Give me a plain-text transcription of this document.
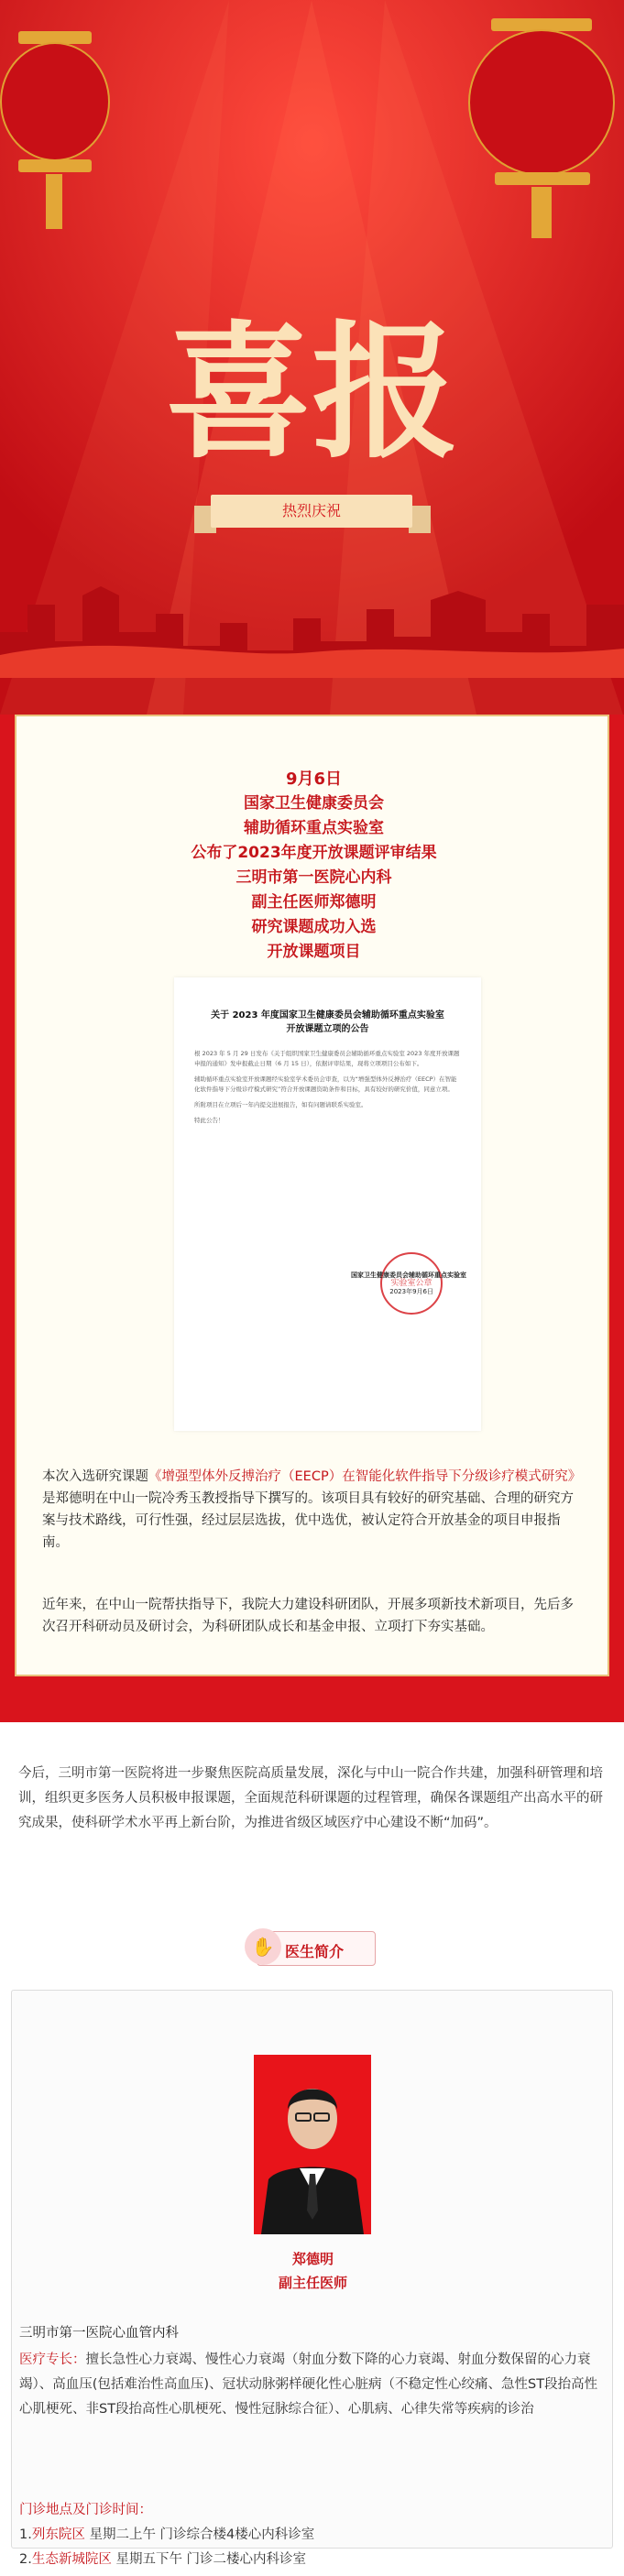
喜报
热烈庆祝
9月6日
国家卫生健康委员会
辅助循环重点实验室
公布了2023年度开放课题评审结果
三明市第一医院心内科
副主任医师郑德明
研究课题成功入选
开放课题项目
关于 2023 年度国家卫生健康委员会辅助循环重点实验室
开放课题立项的公告
根 2023 年 5 月 29 日发布《关于组织国家卫生健康委员会辅助循环重点实验室 2023 年度开放课题申报的通知》发申报截止日期（6 月 15 日），依据评审结果，现将立项项目公布如下。
辅助循环重点实验室开放课题经实验室学术委员会审查，以为“增强型体外反搏治疗（EECP）在智能化软件指导下分级诊疗模式研究”符合开放课题资助条件和目标，具有较好的研究价值，同意立项。
所附项目在立项后一年内提交进展报告，如有问题请联系实验室。
特此公告！
实验室公章
国家卫生健康委员会辅助循环重点实验室
2023年9月6日
本次入选研究课题《增强型体外反搏治疗（EECP）在智能化软件指导下分级诊疗模式研究》是郑德明在中山一院冷秀玉教授指导下撰写的。该项目具有较好的研究基础、合理的研究方案与技术路线，可行性强，经过层层选拔，优中选优，被认定符合开放基金的项目申报指南。
近年来，在中山一院帮扶指导下，我院大力建设科研团队，开展多项新技术新项目，先后多次召开科研动员及研讨会，为科研团队成长和基金申报、立项打下夯实基础。
今后，三明市第一医院将进一步聚焦医院高质量发展，深化与中山一院合作共建，加强科研管理和培训，组织更多医务人员积极申报课题，全面规范科研课题的过程管理，确保各课题组产出高水平的研究成果，使科研学术水平再上新台阶，为推进省级区域医疗中心建设不断“加码”。
✋ 医生简介
郑德明
副主任医师
三明市第一医院心血管内科
医疗专长：擅长急性心力衰竭、慢性心力衰竭（射血分数下降的心力衰竭、射血分数保留的心力衰竭）、高血压(包括难治性高血压)、冠状动脉粥样硬化性心脏病（不稳定性心绞痛、急性ST段抬高性心肌梗死、非ST段抬高性心肌梗死、慢性冠脉综合征）、心肌病、心律失常等疾病的诊治
门诊地点及门诊时间：
1.列东院区 星期二上午 门诊综合楼4楼心内科诊室
2.生态新城院区 星期五下午 门诊二楼心内科诊室
